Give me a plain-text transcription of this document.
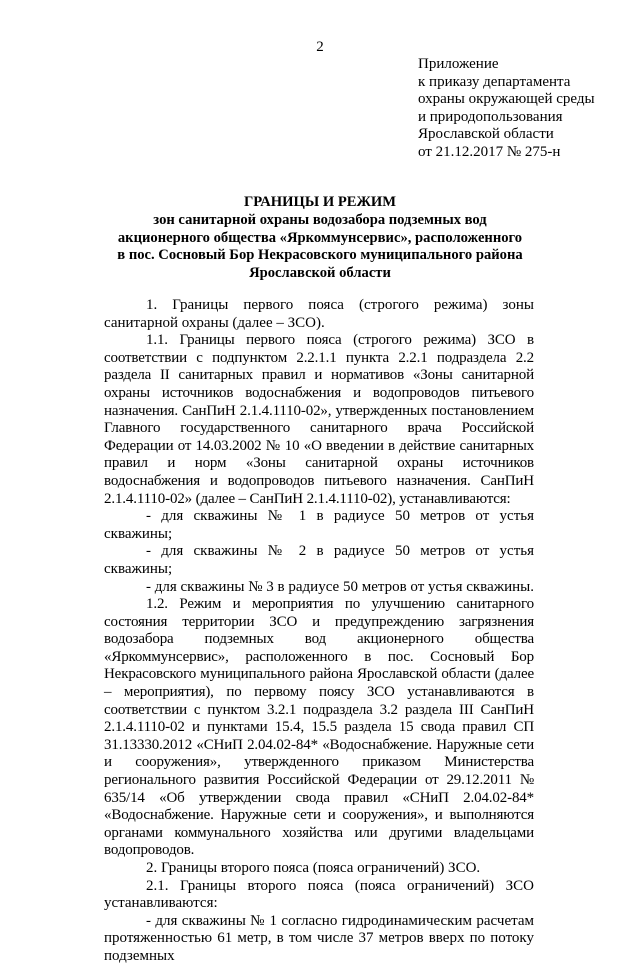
2
Приложение
к приказу департамента
охраны окружающей среды
и природопользования
Ярославской области
от 21.12.2017 № 275-н
ГРАНИЦЫ И РЕЖИМ
зон санитарной охраны водозабора подземных вод
акционерного общества «Яркоммунсервис», расположенного
в пос. Сосновый Бор Некрасовского муниципального района
Ярославской области

1. Границы первого пояса (строгого режима) зоны санитарной охраны (далее – ЗСО).

1.1. Границы первого пояса (строгого режима) ЗСО в соответствии с подпунктом 2.2.1.1 пункта 2.2.1 подраздела 2.2 раздела II санитарных правил и нормативов «Зоны санитарной охраны источников водоснабжения и водопроводов питьевого назначения. СанПиН 2.1.4.1110-02», утвержденных постановлением Главного государственного санитарного врача Российской Федерации от 14.03.2002 № 10 «О введении в действие санитарных правил и норм «Зоны санитарной охраны источников водоснабжения и водопроводов питьевого назначения. СанПиН 2.1.4.1110-02» (далее – СанПиН 2.1.4.1110-02), устанавливаются:

- для скважины № 1 в радиусе 50 метров от устья скважины;

- для скважины № 2 в радиусе 50 метров от устья скважины;

- для скважины № 3 в радиусе 50 метров от устья скважины.

1.2. Режим и мероприятия по улучшению санитарного состояния территории ЗСО и предупреждению загрязнения водозабора подземных вод акционерного общества «Яркоммунсервис», расположенного в пос. Сосновый Бор Некрасовского муниципального района Ярославской области (далее – мероприятия), по первому поясу ЗСО устанавливаются в соответствии с пунктом 3.2.1 подраздела 3.2 раздела III СанПиН 2.1.4.1110-02 и пунктами 15.4, 15.5 раздела 15 свода правил СП 31.13330.2012 «СНиП 2.04.02-84* «Водоснабжение. Наружные сети и сооружения», утвержденного приказом Министерства регионального развития Российской Федерации от 29.12.2011 № 635/14 «Об утверждении свода правил «СНиП 2.04.02-84* «Водоснабжение. Наружные сети и сооружения», и выполняются органами коммунального хозяйства или другими владельцами водопроводов.

2. Границы второго пояса (пояса ограничений) ЗСО.

2.1. Границы второго пояса (пояса ограничений) ЗСО устанавливаются:

- для скважины № 1 согласно гидродинамическим расчетам протяженностью 61 метр, в том числе 37 метров вверх по потоку подземных
